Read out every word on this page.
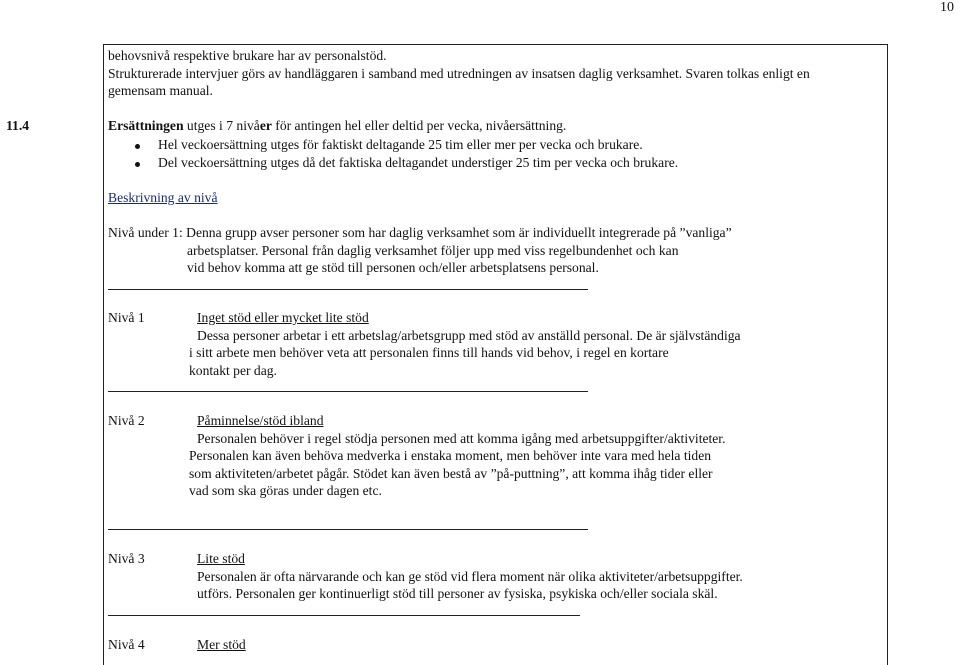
10
behovsnivå respektive brukare har av personalstöd.
Strukturerade intervjuer görs av handläggaren i samband med utredningen av insatsen daglig verksamhet. Svaren tolkas enligt en
gemensam manual.
11.4	Ersättningen utges i 7 nivåer för antingen hel eller deltid per vecka, nivåersättning.
Hel veckoersättning utges för faktiskt deltagande 25 tim eller mer per vecka och brukare.
Del veckoersättning utges då det faktiska deltagandet understiger 25 tim per vecka och brukare.
Beskrivning av nivå
Nivå under 1: Denna grupp avser personer som har daglig verksamhet som är individuellt integrerade på ”vanliga”
arbetsplatser. Personal från daglig verksamhet följer upp med viss regelbundenhet och kan
vid behov komma att ge stöd till personen och/eller arbetsplatsens personal.
Nivå 1	Inget stöd eller mycket lite stöd
Dessa personer arbetar i ett arbetslag/arbetsgrupp med stöd av anställd personal. De är självständiga
i sitt arbete men behöver veta att personalen finns till hands vid behov, i regel en kortare
kontakt per dag.
Nivå 2	Påminnelse/stöd ibland
Personalen behöver i regel stödja personen med att komma igång med arbetsuppgifter/aktiviteter.
Personalen kan även behöva medverka i enstaka moment, men behöver inte vara med hela tiden
som aktiviteten/arbetet pågår. Stödet kan även bestå av ”på-puttning”, att komma ihåg tider eller
vad som ska göras under dagen etc.
Nivå 3	Lite stöd
Personalen är ofta närvarande och kan ge stöd vid flera moment när olika aktiviteter/arbetsuppgifter.
utförs. Personalen ger kontinuerligt stöd till personer av fysiska, psykiska och/eller sociala skäl.
Nivå 4	Mer stöd
